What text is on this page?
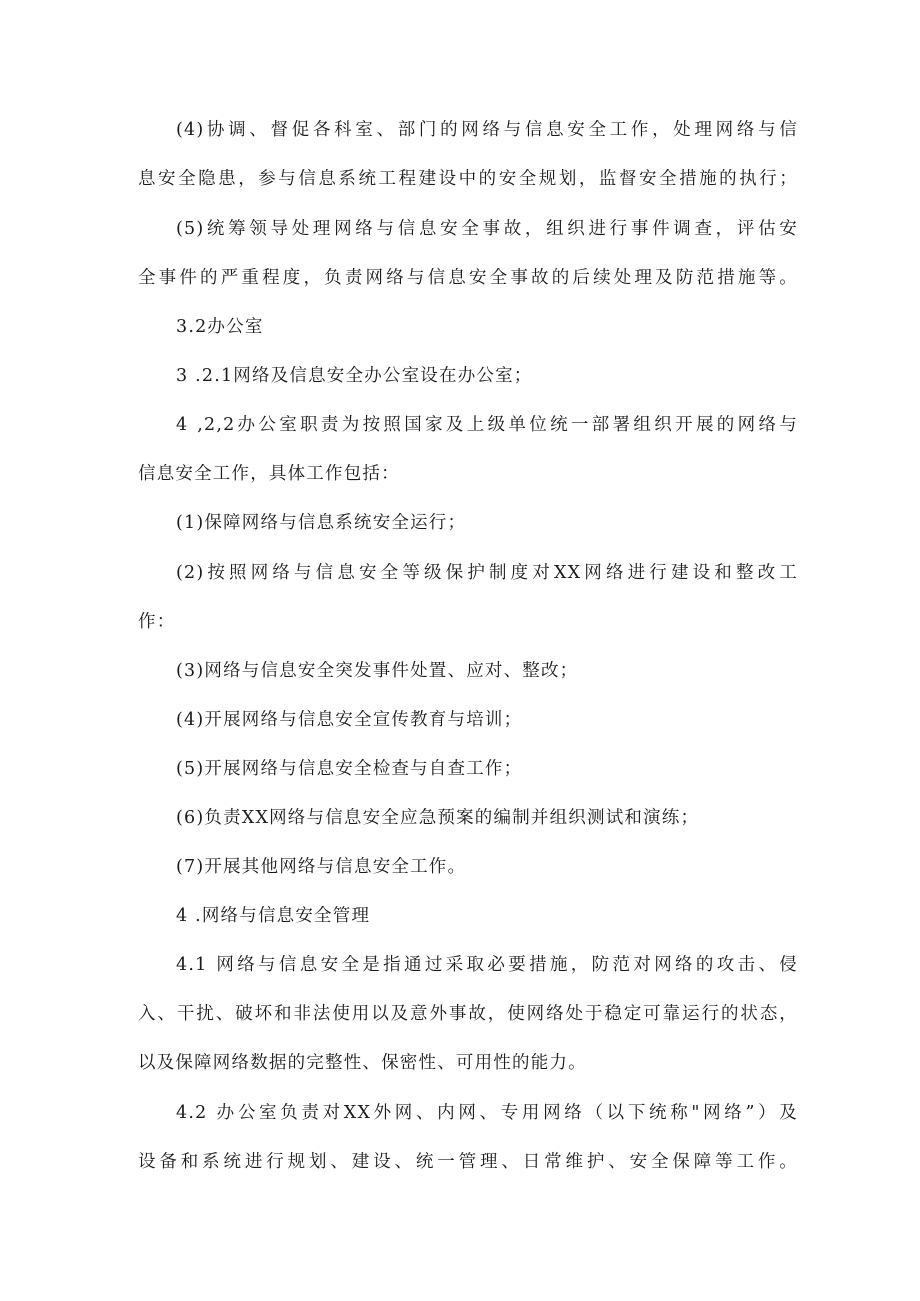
(4)协调、督促各科室、部门的网络与信息安全工作，处理网络与信
息安全隐患，参与信息系统工程建设中的安全规划，监督安全措施的执行；
(5)统筹领导处理网络与信息安全事故，组织进行事件调查，评估安
全事件的严重程度，负责网络与信息安全事故的后续处理及防范措施等。
3.2办公室
3 .2.1网络及信息安全办公室设在办公室；
4 ,2,2办公室职责为按照国家及上级单位统一部署组织开展的网络与
信息安全工作，具体工作包括：
(1)保障网络与信息系统安全运行；
(2)按照网络与信息安全等级保护制度对XX网络进行建设和整改工
作：
(3)网络与信息安全突发事件处置、应对、整改；
(4)开展网络与信息安全宣传教育与培训；
(5)开展网络与信息安全检查与自查工作；
(6)负责XX网络与信息安全应急预案的编制并组织测试和演练；
(7)开展其他网络与信息安全工作。
4 .网络与信息安全管理
4.1 网络与信息安全是指通过采取必要措施，防范对网络的攻击、侵
入、干扰、破坏和非法使用以及意外事故，使网络处于稳定可靠运行的状态，
以及保障网络数据的完整性、保密性、可用性的能力。
4.2 办公室负责对XX外网、内网、专用网络（以下统称"网络”）及
设备和系统进行规划、建设、统一管理、日常维护、安全保障等工作。
